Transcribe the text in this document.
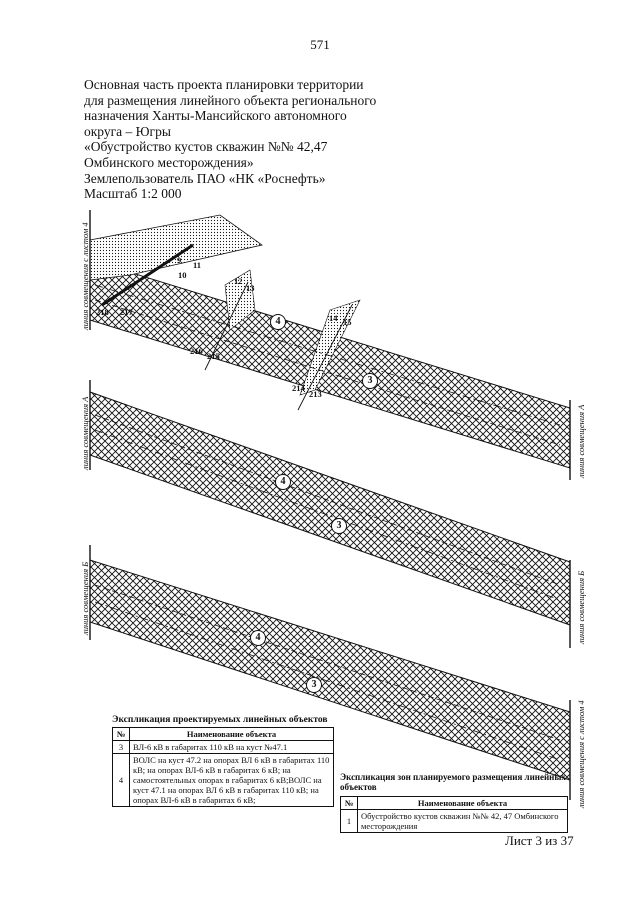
571
Основная часть проекта планировки территории
для размещения линейного объекта регионального
назначения Ханты-Мансийского автономного
округа – Югры
«Обустройство кустов скважин №№ 42,47
Омбинского месторождения»
Землепользователь ПАО «НК «Роснефть»
Масштаб 1:2 000
9 11
10
12
13
218 217
14 15
216 215
214
213
4
3
4
3
4
3
линия совмещения А
линия совмещения Б
линия совмещения с листом 4
линия совмещения с листом 4
линия совмещения А
линия совмещения Б
Экспликация проектируемых линейных объектов
№	Наименование объекта
3	ВЛ-6 кВ в габаритах 110 кВ на куст №47.1
4	ВОЛС на куст 47.2 на опорах ВЛ 6 кВ в габаритах 110 кВ; на опорах ВЛ-6 кВ в габаритах 6 кВ; на самостоятельных опорах в габаритах 6 кВ;ВОЛС на куст 47.1 на опорах ВЛ 6 кВ в габаритах 110 кВ; на опорах ВЛ-6 кВ в габаритах 6 кВ;
Экспликация зон планируемого размещения линейных объектов
№	Наименование объекта
1	Обустройство кустов скважин №№ 42, 47 Омбинского месторождения
Лист 3 из 37
